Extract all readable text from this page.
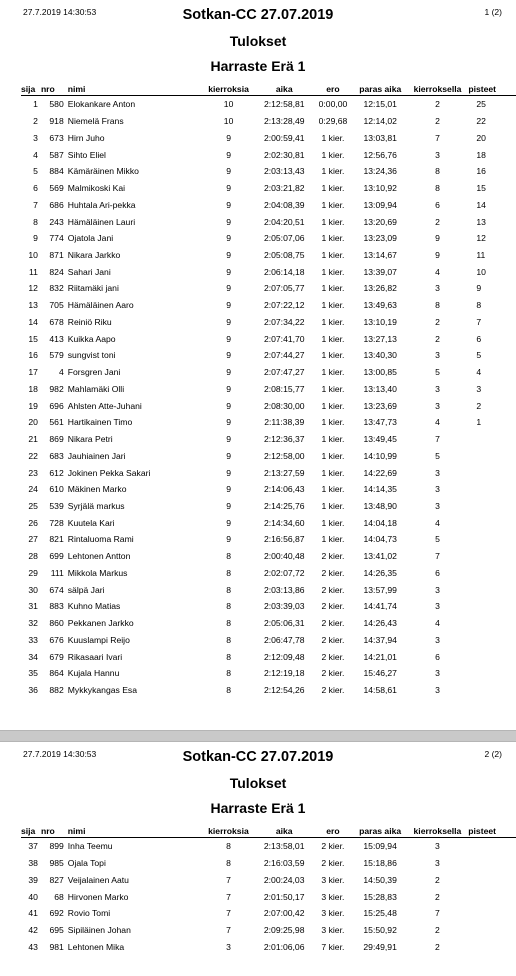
27.7.2019 14:30:53	1 (2)
Sotkan-CC 27.07.2019
Tulokset
Harraste Erä 1
sija	nro	nimi	kierroksia	aika	ero	paras aika	kierroksella	pisteet
1	580	Elokankare Anton	10	2:12:58,81	0:00,00	12:15,01	2	25
2	918	Niemelä Frans	10	2:13:28,49	0:29,68	12:14,02	2	22
3	673	Hirn Juho	9	2:00:59,41	1 kier.	13:03,81	7	20
4	587	Sihto Eliel	9	2:02:30,81	1 kier.	12:56,76	3	18
5	884	Kämäräinen Mikko	9	2:03:13,43	1 kier.	13:24,36	8	16
6	569	Malmikoski Kai	9	2:03:21,82	1 kier.	13:10,92	8	15
7	686	Huhtala Ari-pekka	9	2:04:08,39	1 kier.	13:09,94	6	14
8	243	Hämäläinen Lauri	9	2:04:20,51	1 kier.	13:20,69	2	13
9	774	Ojatola Jani	9	2:05:07,06	1 kier.	13:23,09	9	12
10	871	Nikara Jarkko	9	2:05:08,75	1 kier.	13:14,67	9	11
11	824	Sahari Jani	9	2:06:14,18	1 kier.	13:39,07	4	10
12	832	Riitamäki jani	9	2:07:05,77	1 kier.	13:26,82	3	9
13	705	Hämäläinen Aaro	9	2:07:22,12	1 kier.	13:49,63	8	8
14	678	Reiniö Riku	9	2:07:34,22	1 kier.	13:10,19	2	7
15	413	Kuikka Aapo	9	2:07:41,70	1 kier.	13:27,13	2	6
16	579	sungvist toni	9	2:07:44,27	1 kier.	13:40,30	3	5
17	4	Forsgren Jani	9	2:07:47,27	1 kier.	13:00,85	5	4
18	982	Mahlamäki Olli	9	2:08:15,77	1 kier.	13:13,40	3	3
19	696	Ahlsten Atte-Juhani	9	2:08:30,00	1 kier.	13:23,69	3	2
20	561	Hartikainen Timo	9	2:11:38,39	1 kier.	13:47,73	4	1
21	869	Nikara Petri	9	2:12:36,37	1 kier.	13:49,45	7	
22	683	Jauhiainen Jari	9	2:12:58,00	1 kier.	14:10,99	5	
23	612	Jokinen Pekka Sakari	9	2:13:27,59	1 kier.	14:22,69	3	
24	610	Mäkinen Marko	9	2:14:06,43	1 kier.	14:14,35	3	
25	539	Syrjälä markus	9	2:14:25,76	1 kier.	13:48,90	3	
26	728	Kuutela Kari	9	2:14:34,60	1 kier.	14:04,18	4	
27	821	Rintaluoma Rami	9	2:16:56,87	1 kier.	14:04,73	5	
28	699	Lehtonen Antton	8	2:00:40,48	2 kier.	13:41,02	7	
29	111	Mikkola Markus	8	2:02:07,72	2 kier.	14:26,35	6	
30	674	sälpä Jari	8	2:03:13,86	2 kier.	13:57,99	3	
31	883	Kuhno Matias	8	2:03:39,03	2 kier.	14:41,74	3	
32	860	Pekkanen Jarkko	8	2:05:06,31	2 kier.	14:26,43	4	
33	676	Kuuslampi Reijo	8	2:06:47,78	2 kier.	14:37,94	3	
34	679	Rikasaari Ivari	8	2:12:09,48	2 kier.	14:21,01	6	
35	864	Kujala Hannu	8	2:12:19,18	2 kier.	15:46,27	3	
36	882	Mykkykangas Esa	8	2:12:54,26	2 kier.	14:58,61	3	
27.7.2019 14:30:53	2 (2)
Sotkan-CC 27.07.2019
Tulokset
Harraste Erä 1
sija	nro	nimi	kierroksia	aika	ero	paras aika	kierroksella	pisteet
37	899	Inha Teemu	8	2:13:58,01	2 kier.	15:09,94	3	
38	985	Ojala Topi	8	2:16:03,59	2 kier.	15:18,86	3	
39	827	Veijalainen Aatu	7	2:00:24,03	3 kier.	14:50,39	2	
40	68	Hirvonen Marko	7	2:01:50,17	3 kier.	15:28,83	2	
41	692	Rovio Tomi	7	2:07:00,42	3 kier.	15:25,48	7	
42	695	Sipiläinen Johan	7	2:09:25,98	3 kier.	15:50,92	2	
43	981	Lehtonen Mika	3	2:01:06,06	7 kier.	29:49,91	2	
